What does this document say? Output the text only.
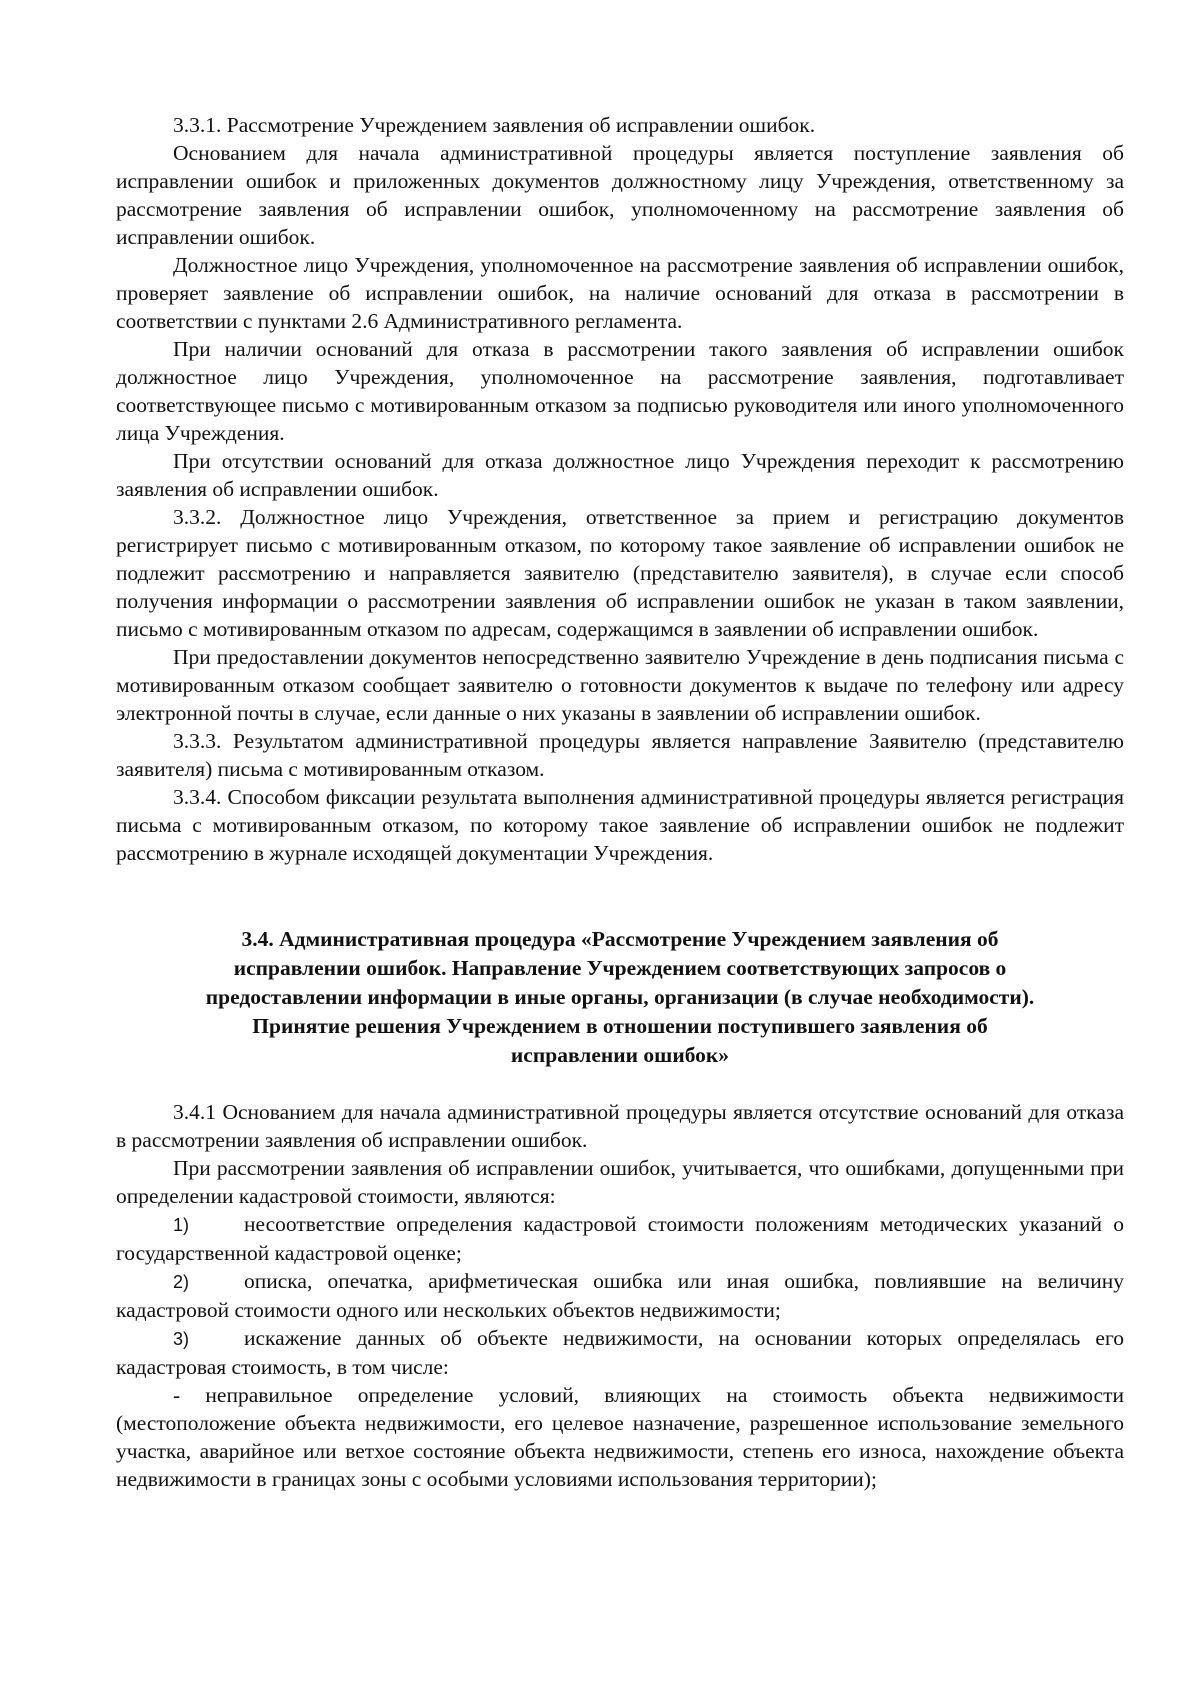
3.3.1. Рассмотрение Учреждением заявления об исправлении ошибок.

Основанием для начала административной процедуры является поступление заявления об исправлении ошибок и приложенных документов должностному лицу Учреждения, ответственному за рассмотрение заявления об исправлении ошибок, уполномоченному на рассмотрение заявления об исправлении ошибок.

Должностное лицо Учреждения, уполномоченное на рассмотрение заявления об исправлении ошибок, проверяет заявление об исправлении ошибок, на наличие оснований для отказа в рассмотрении в соответствии с пунктами 2.6 Административного регламента.

При наличии оснований для отказа в рассмотрении такого заявления об исправлении ошибок должностное лицо Учреждения, уполномоченное на рассмотрение заявления, подготавливает соответствующее письмо с мотивированным отказом за подписью руководителя или иного уполномоченного лица Учреждения.

При отсутствии оснований для отказа должностное лицо Учреждения переходит к рассмотрению заявления об исправлении ошибок.

3.3.2. Должностное лицо Учреждения, ответственное за прием и регистрацию документов регистрирует письмо с мотивированным отказом, по которому такое заявление об исправлении ошибок не подлежит рассмотрению и направляется заявителю (представителю заявителя), в случае если способ получения информации о рассмотрении заявления об исправлении ошибок не указан в таком заявлении, письмо с мотивированным отказом по адресам, содержащимся в заявлении об исправлении ошибок.

При предоставлении документов непосредственно заявителю Учреждение в день подписания письма с мотивированным отказом сообщает заявителю о готовности документов к выдаче по телефону или адресу электронной почты в случае, если данные о них указаны в заявлении об исправлении ошибок.

3.3.3. Результатом административной процедуры является направление Заявителю (представителю заявителя) письма с мотивированным отказом.

3.3.4. Способом фиксации результата выполнения административной процедуры является регистрация письма с мотивированным отказом, по которому такое заявление об исправлении ошибок не подлежит рассмотрению в журнале исходящей документации Учреждения.

3.4. Административная процедура «Рассмотрение Учреждением заявления об
исправлении ошибок. Направление Учреждением соответствующих запросов о
предоставлении информации в иные органы, организации (в случае необходимости).
Принятие решения Учреждением в отношении поступившего заявления об
исправлении ошибок»

3.4.1 Основанием для начала административной процедуры является отсутствие оснований для отказа в рассмотрении заявления об исправлении ошибок.

При рассмотрении заявления об исправлении ошибок, учитывается, что ошибками, допущенными при определении кадастровой стоимости, являются:

1)	несоответствие определения кадастровой стоимости положениям методических указаний о государственной кадастровой оценке;

2)	описка, опечатка, арифметическая ошибка или иная ошибка, повлиявшие на величину кадастровой стоимости одного или нескольких объектов недвижимости;

3)	искажение данных об объекте недвижимости, на основании которых определялась его кадастровая стоимость, в том числе:

- неправильное определение условий, влияющих на стоимость объекта недвижимости (местоположение объекта недвижимости, его целевое назначение, разрешенное использование земельного участка, аварийное или ветхое состояние объекта недвижимости, степень его износа, нахождение объекта недвижимости в границах зоны с особыми условиями использования территории);
